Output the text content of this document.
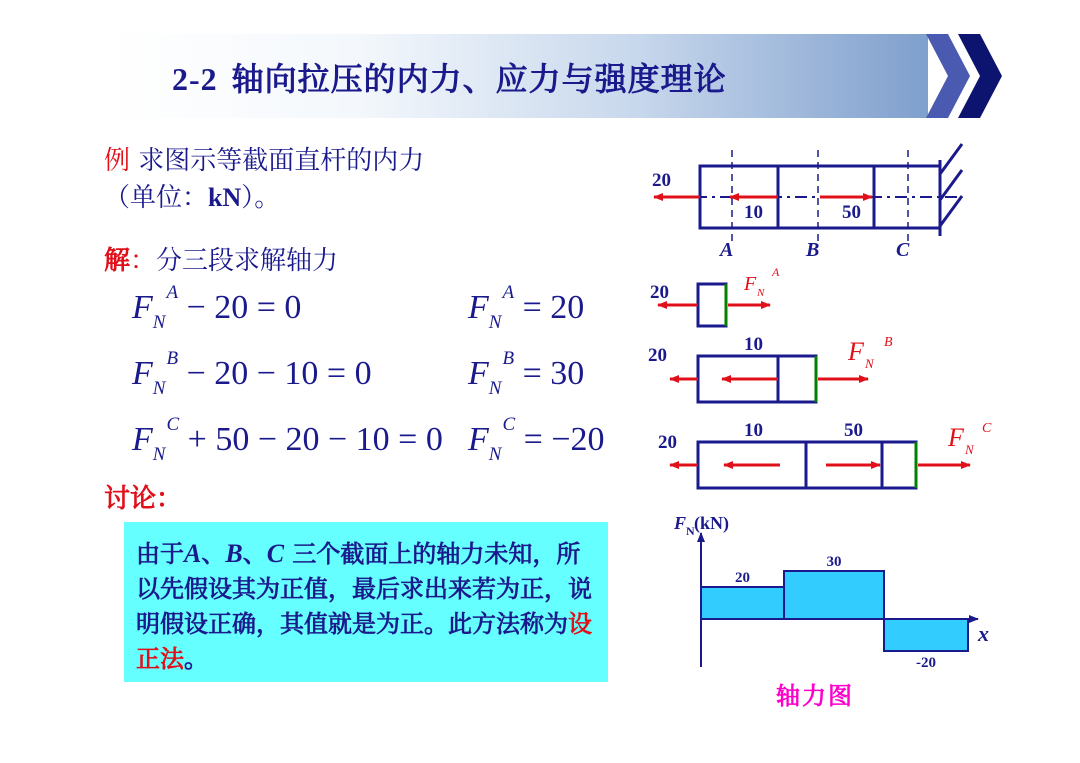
2-2 轴向拉压的内力、应力与强度理论
例 求图示等截面直杆的内力
（单位：kN）。
解：分三段求解轴力
$F_N^A - 20 = 0$	$F_N^A = 20$
$F_N^B - 20 - 10 = 0$	$F_N^B = 30$
$F_N^C + 50 - 20 - 10 = 0$ $F_N^C = -20$
讨论：
由于A、B、C 三个截面上的轴力未知，所以先假设其为正值，最后求出来若为正，说明假设正确，其值就是为正。此方法称为设正法。
20
10	50
A	B	C
20	F N
A
20
10	F N
B
20
10	50	F N
C
20
30
-20
F N (kN)
x
轴力图
